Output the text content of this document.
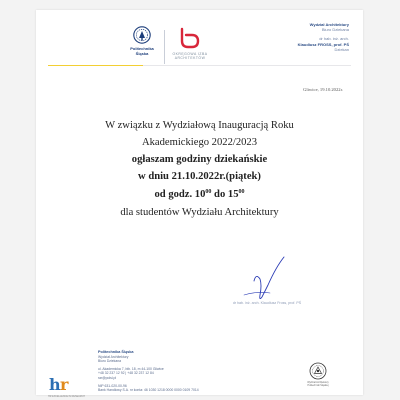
Politechnika
Śląska	OKRĘGOWA IZBA
ARCHITEKTÓW
Wydział Architektury
Biuro Dziekana
dr hab. inż. arch.
Klaudiusz FROSS, prof. PŚ
Dziekan
Gliwice, 19.10.2022r.
W związku z Wydziałową Inauguracją Roku
Akademickiego 2022/2023
ogłaszam godziny dziekańskie
w dniu 21.10.2022r.(piątek)
od godz. $10^{00}$ do $15^{00}$
dla studentów Wydziału Architektury
dr hab. inż. arch. Klaudiusz Fross, prof. PŚ
h r
HR EXCELLENCE IN RESEARCH
Politechnika Śląska
Wydział Architektury
Biuro Dziekana
ul. Akademicka 7, bib. 18, m 44-100 Gliwice
+48 32 237 12 92 | +48 32 237 12 84
rar@polsl.pl
NIP 631-020-00-96
Bank Handlowy S.A. nr konta: 46 1030 1218 0000 0000 0109 7014
Wydział Architektury
Politechniki Śląskiej
